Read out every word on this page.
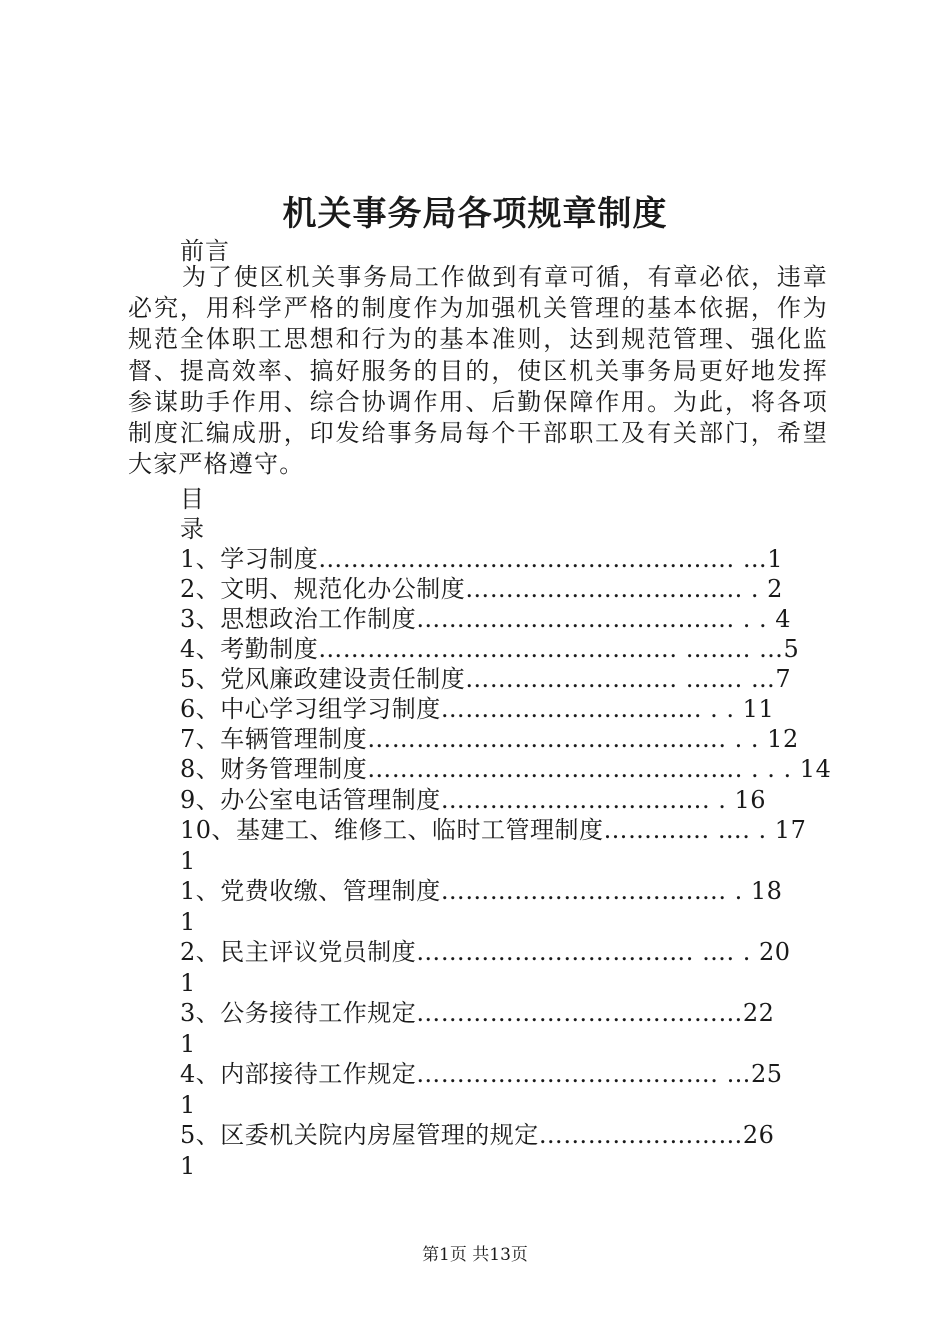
机关事务局各项规章制度
前言
为了使区机关事务局工作做到有章可循，有章必依，违章必究，用科学严格的制度作为加强机关管理的基本依据，作为规范全体职工思想和行为的基本准则，达到规范管理、强化监督、提高效率、搞好服务的目的，使区机关事务局更好地发挥参谋助手作用、综合协调作用、后勤保障作用。为此，将各项制度汇编成册，印发给事务局每个干部职工及有关部门，希望大家严格遵守。
目
录
1、学习制度……………………………………..……. …1
2、文明、规范化办公制度…………………..……….. . 2
3、思想政治工作制度………………………..………. . . 4
4、考勤制度……………………………….……. …….. …5
5、党风廉政建设责任制度……………….……. ……. …7
6、中心学习组学习制度……………………….…. . . 11
7、车辆管理制度………………………………….…. . . 12
8、财务管理制度………………………………………. . . . 14
9、办公室电话管理制度………………………..…. . 16
10、基建工、维修工、临时工管理制度…………. …. . 17
1
1、党费收缴、管理制度………………………….…. . 18
1
2、民主评议党员制度……………………………. …. . 20
1
3、公务接待工作规定…………………………….……22
1
4、内部接待工作规定………………………………. …25
1
5、区委机关院内房屋管理的规定…………….………26
1
第1页 共13页
